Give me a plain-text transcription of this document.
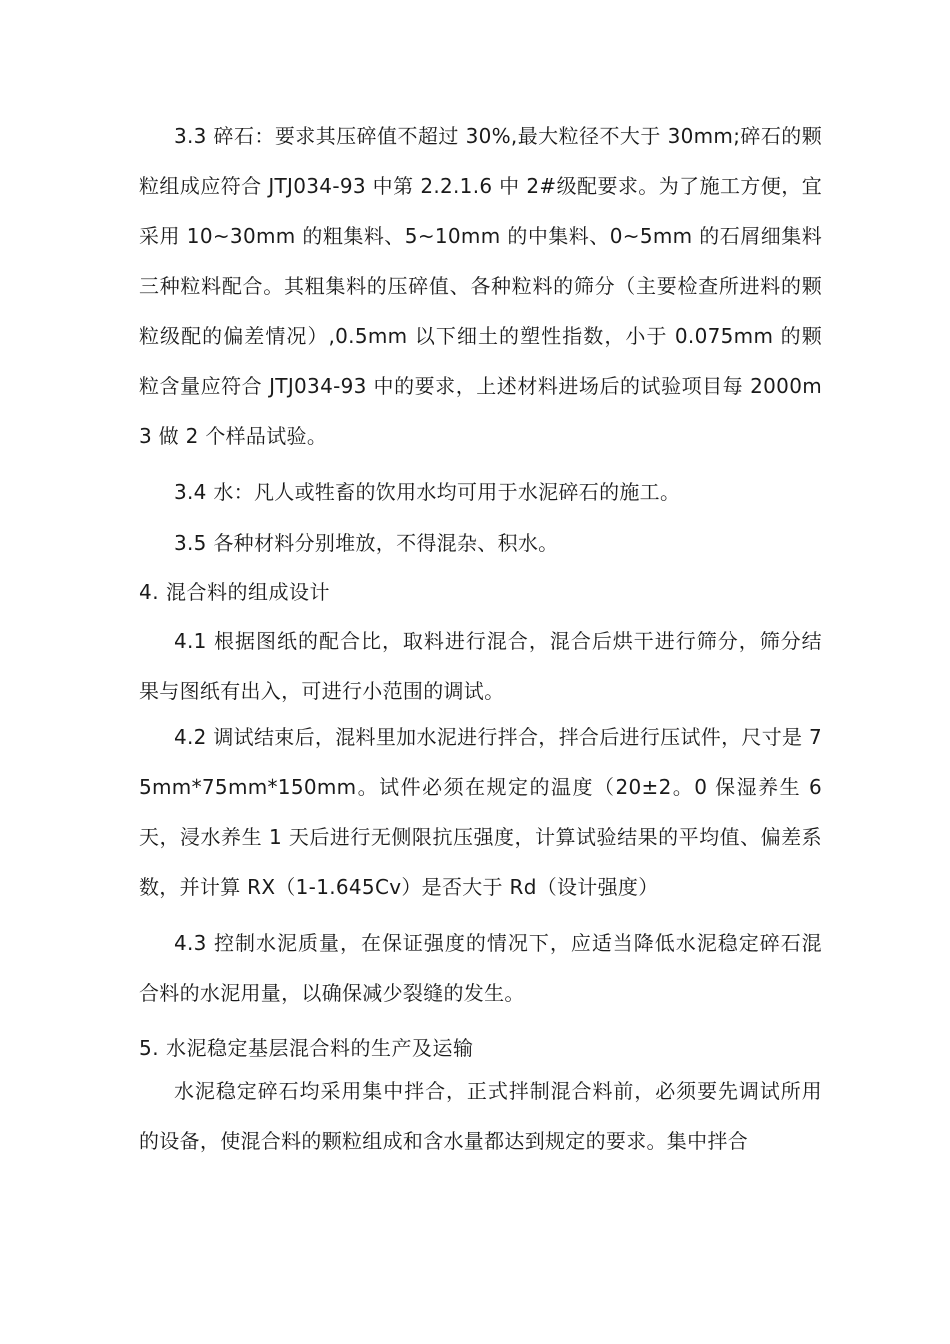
3.3 碎石：要求其压碎值不超过 30%,最大粒径不大于 30mm;碎石的颗粒组成应符合 JTJ034-93 中第 2.2.1.6 中 2#级配要求。为了施工方便，宜采用 10~30mm 的粗集料、5~10mm 的中集料、0~5mm 的石屑细集料三种粒料配合。其粗集料的压碎值、各种粒料的筛分（主要检查所进料的颗粒级配的偏差情况）,0.5mm 以下细土的塑性指数，小于 0.075mm 的颗粒含量应符合 JTJ034-93 中的要求，上述材料进场后的试验项目每 2000m3 做 2 个样品试验。

3.4 水：凡人或牲畜的饮用水均可用于水泥碎石的施工。

3.5 各种材料分别堆放，不得混杂、积水。

4. 混合料的组成设计

4.1 根据图纸的配合比，取料进行混合，混合后烘干进行筛分，筛分结果与图纸有出入，可进行小范围的调试。

4.2 调试结束后，混料里加水泥进行拌合，拌合后进行压试件，尺寸是 75mm*75mm*150mm。试件必须在规定的温度（20±2。0 保湿养生 6 天，浸水养生 1 天后进行无侧限抗压强度，计算试验结果的平均值、偏差系数，并计算 RX（1-1.645Cv）是否大于 Rd（设计强度）

4.3 控制水泥质量，在保证强度的情况下，应适当降低水泥稳定碎石混合料的水泥用量，以确保减少裂缝的发生。

5. 水泥稳定基层混合料的生产及运输

水泥稳定碎石均采用集中拌合，正式拌制混合料前，必须要先调试所用的设备，使混合料的颗粒组成和含水量都达到规定的要求。集中拌合
